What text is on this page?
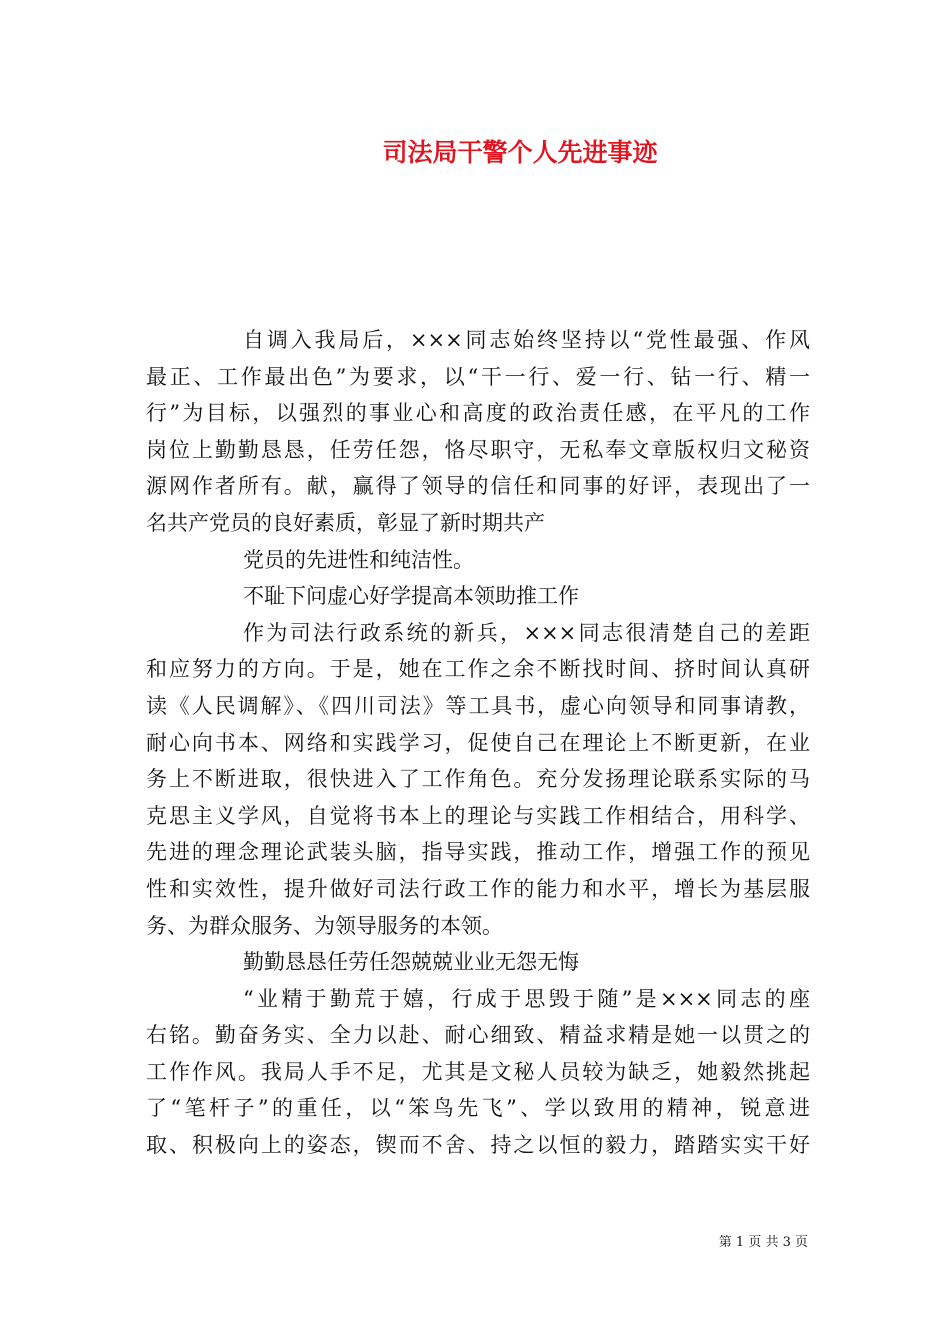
司法局干警个人先进事迹
自调入我局后，×××同志始终坚持以“党性最强、作风
最正、工作最出色”为要求，以“干一行、爱一行、钻一行、精一
行”为目标，以强烈的事业心和高度的政治责任感，在平凡的工作
岗位上勤勤恳恳，任劳任怨，恪尽职守，无私奉文章版权归文秘资
源网作者所有。献，赢得了领导的信任和同事的好评，表现出了一
名共产党员的良好素质，彰显了新时期共产
党员的先进性和纯洁性。
不耻下问虚心好学提高本领助推工作
作为司法行政系统的新兵，×××同志很清楚自己的差距
和应努力的方向。于是，她在工作之余不断找时间、挤时间认真研
读《人民调解》、《四川司法》等工具书，虚心向领导和同事请教，
耐心向书本、网络和实践学习，促使自己在理论上不断更新，在业
务上不断进取，很快进入了工作角色。充分发扬理论联系实际的马
克思主义学风，自觉将书本上的理论与实践工作相结合，用科学、
先进的理念理论武装头脑，指导实践，推动工作，增强工作的预见
性和实效性，提升做好司法行政工作的能力和水平，增长为基层服
务、为群众服务、为领导服务的本领。
勤勤恳恳任劳任怨兢兢业业无怨无悔
“业精于勤荒于嬉，行成于思毁于随”是×××同志的座
右铭。勤奋务实、全力以赴、耐心细致、精益求精是她一以贯之的
工作作风。我局人手不足，尤其是文秘人员较为缺乏，她毅然挑起
了“笔杆子”的重任，以“笨鸟先飞”、学以致用的精神，锐意进
取、积极向上的姿态，锲而不舍、持之以恒的毅力，踏踏实实干好
第 1 页 共 3 页
